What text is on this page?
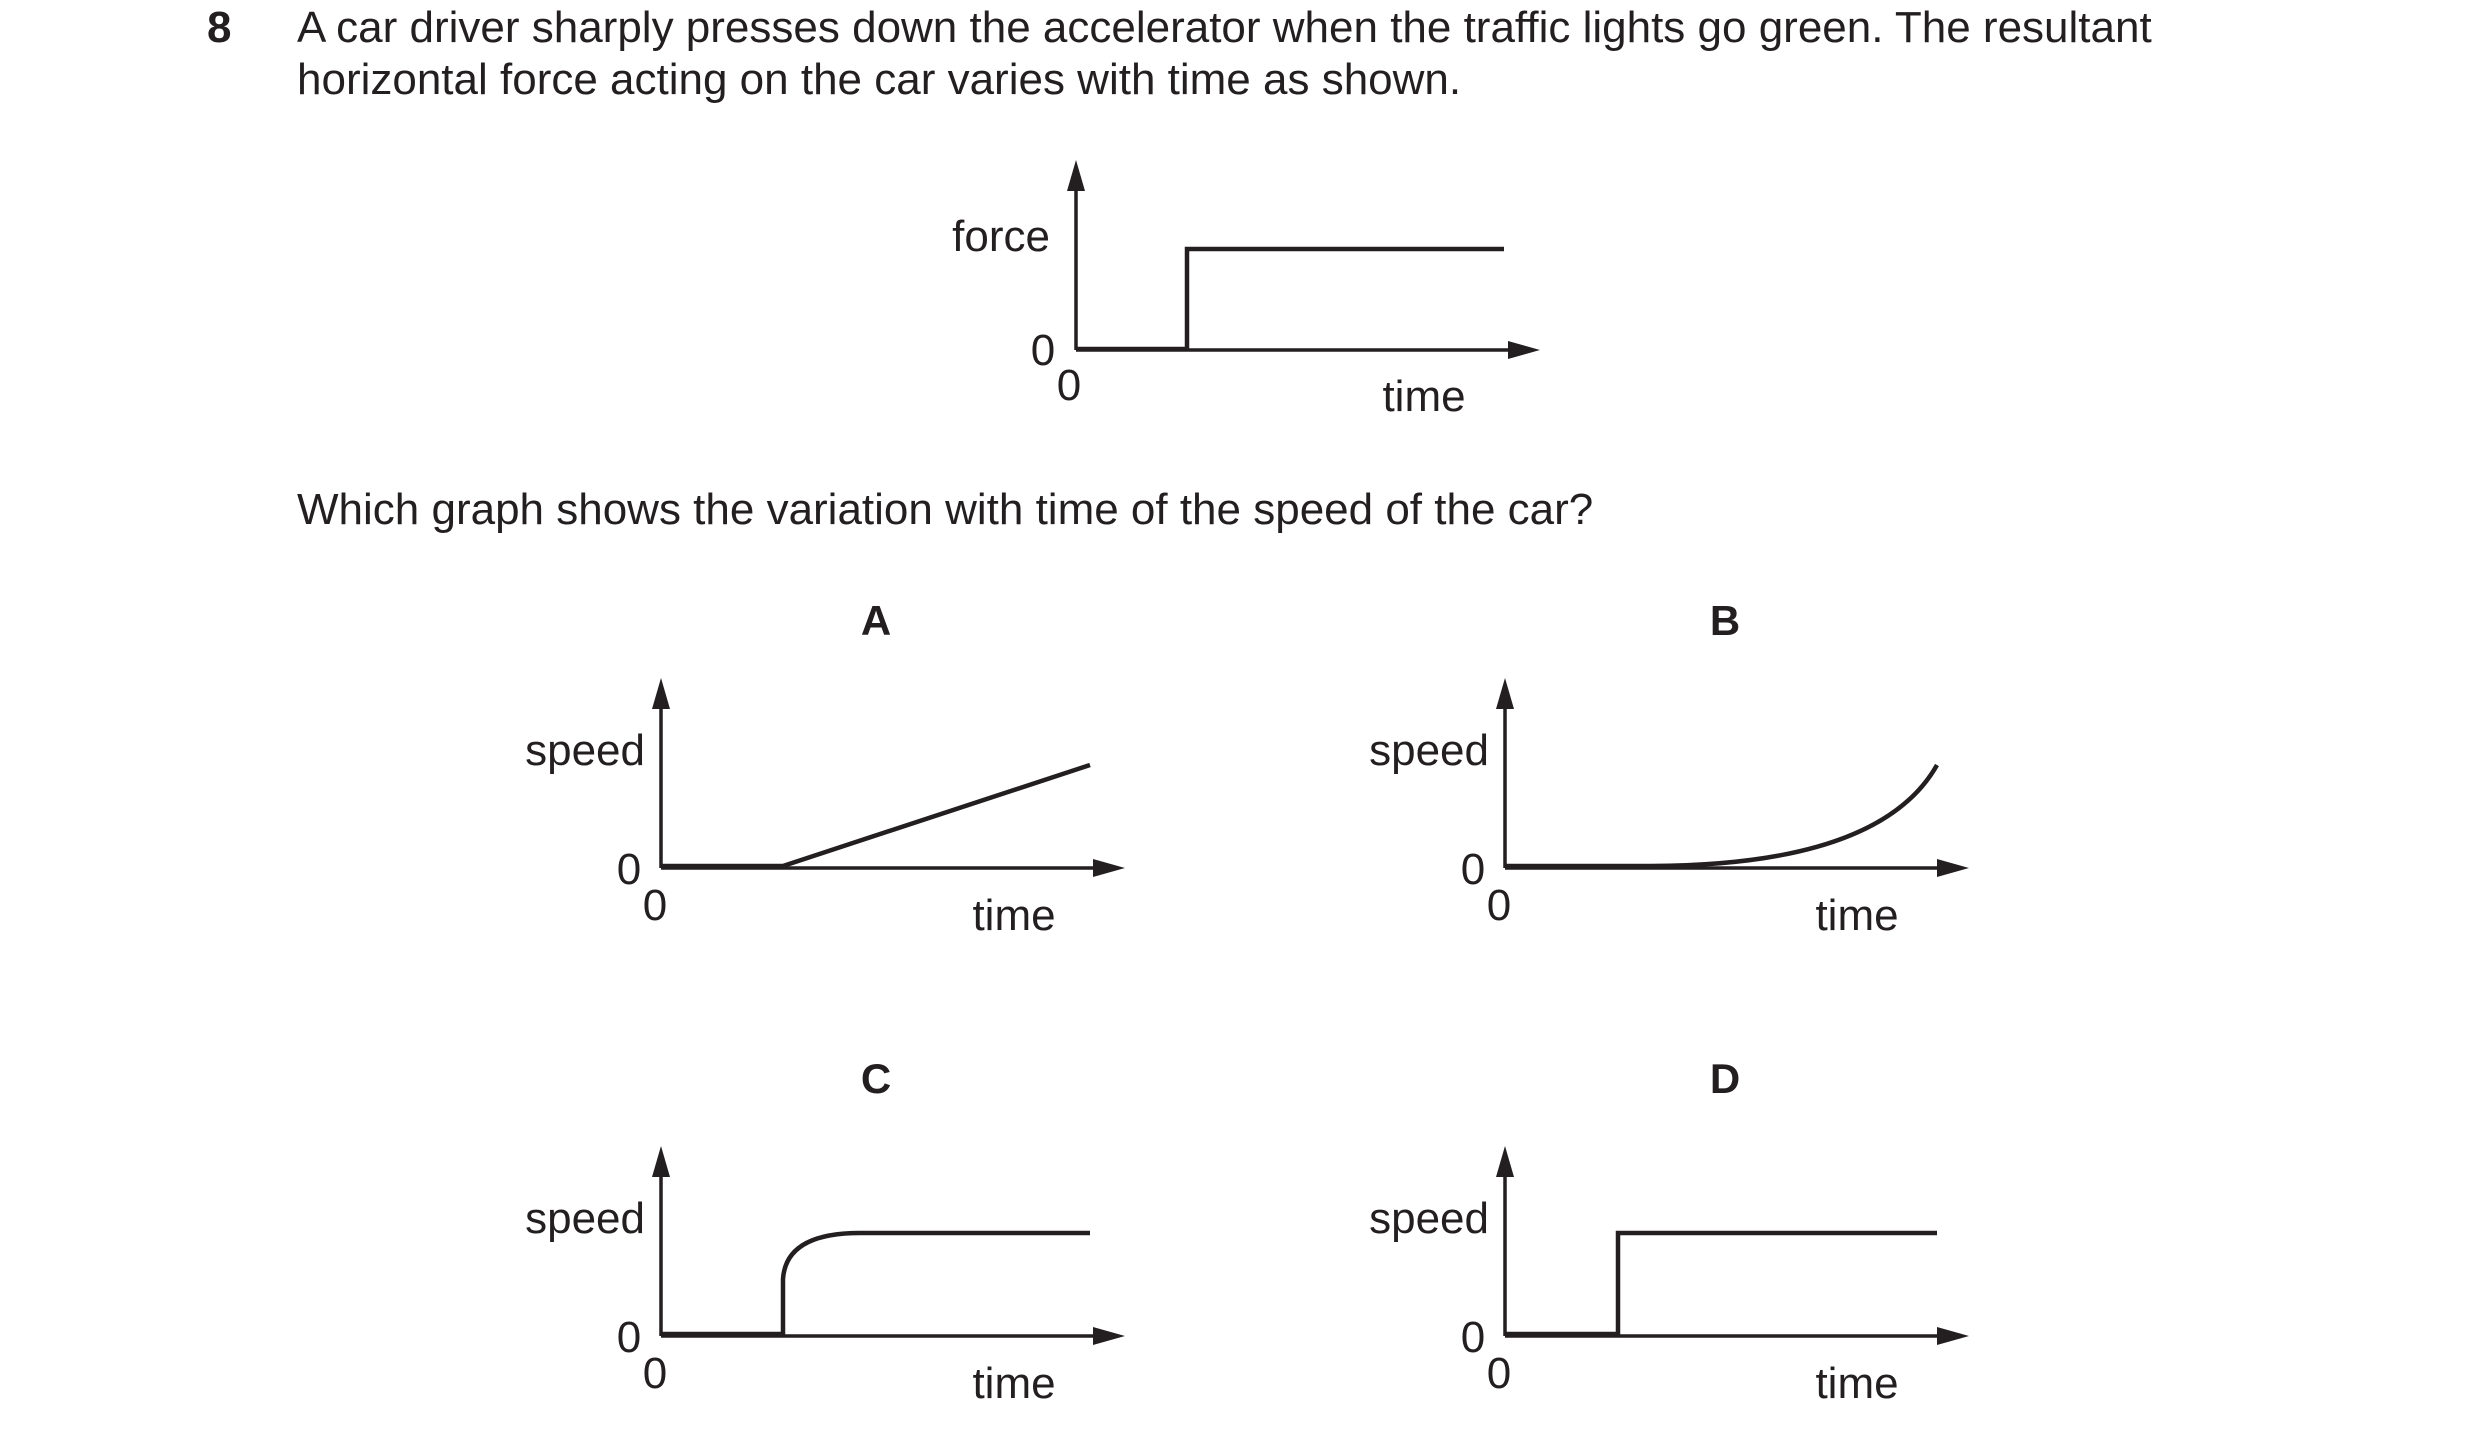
8 A car driver sharply presses down the accelerator when the traffic lights go green. The resultant
horizontal force acting on the car varies with time as shown.
Which graph shows the variation with time of the speed of the car?
force
0
0	time
A
speed
0
0	time
B
speed
0
0	time
C
speed
0
0	time
D
speed
0
0	time
